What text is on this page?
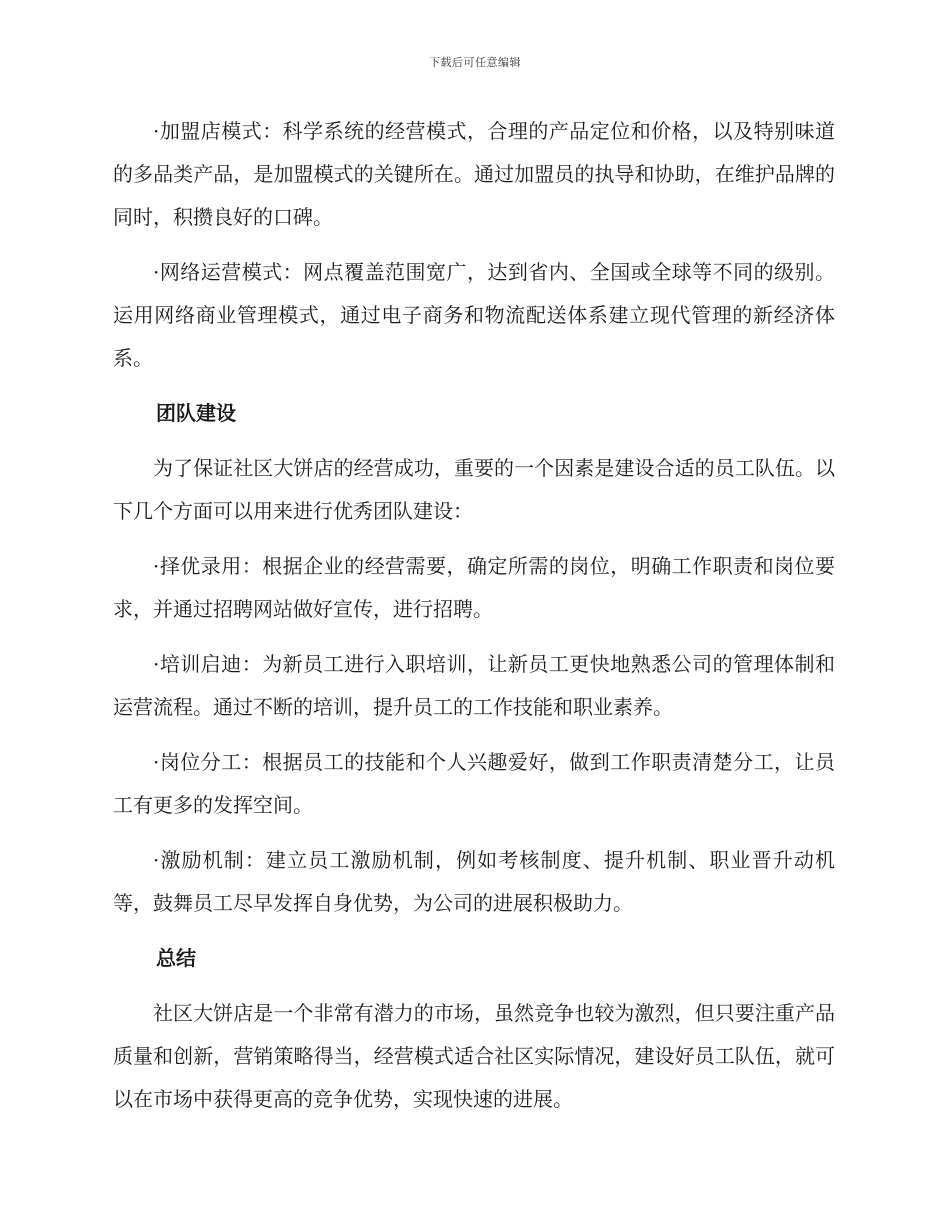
下载后可任意编辑

·加盟店模式：科学系统的经营模式，合理的产品定位和价格，以及特别味道的多品类产品，是加盟模式的关键所在。通过加盟员的执导和协助，在维护品牌的同时，积攒良好的口碑。

·网络运营模式：网点覆盖范围宽广，达到省内、全国或全球等不同的级别。运用网络商业管理模式，通过电子商务和物流配送体系建立现代管理的新经济体系。

团队建设

为了保证社区大饼店的经营成功，重要的一个因素是建设合适的员工队伍。以下几个方面可以用来进行优秀团队建设：

·择优录用：根据企业的经营需要，确定所需的岗位，明确工作职责和岗位要求，并通过招聘网站做好宣传，进行招聘。

·培训启迪：为新员工进行入职培训，让新员工更快地熟悉公司的管理体制和运营流程。通过不断的培训，提升员工的工作技能和职业素养。

·岗位分工：根据员工的技能和个人兴趣爱好，做到工作职责清楚分工，让员工有更多的发挥空间。

·激励机制：建立员工激励机制，例如考核制度、提升机制、职业晋升动机等，鼓舞员工尽早发挥自身优势，为公司的进展积极助力。

总结

社区大饼店是一个非常有潜力的市场，虽然竞争也较为激烈，但只要注重产品质量和创新，营销策略得当，经营模式适合社区实际情况，建设好员工队伍，就可以在市场中获得更高的竞争优势，实现快速的进展。
